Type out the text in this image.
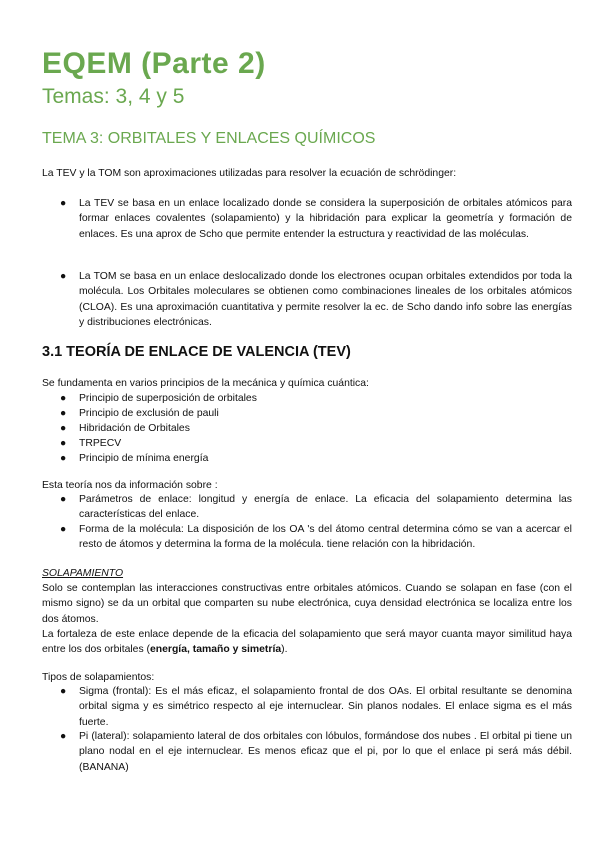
EQEM (Parte 2)
Temas: 3, 4 y 5
TEMA 3: ORBITALES Y ENLACES QUÍMICOS
La TEV y la TOM son aproximaciones utilizadas para resolver la ecuación de schrödinger:
●	La TEV se basa en un enlace localizado donde se considera la superposición de orbitales atómicos para formar enlaces covalentes (solapamiento) y la hibridación para explicar la geometría y formación de enlaces. Es una aprox de Scho que permite entender la estructura y reactividad de las moléculas.
●	La TOM se basa en un enlace deslocalizado donde los electrones ocupan orbitales extendidos por toda la molécula. Los Orbitales moleculares se obtienen como combinaciones lineales de los orbitales atómicos (CLOA). Es una aproximación cuantitativa y permite resolver la ec. de Scho dando info sobre las energías y distribuciones electrónicas.
3.1 TEORÍA DE ENLACE DE VALENCIA (TEV)
Se fundamenta en varios principios de la mecánica y química cuántica:
●	Principio de superposición de orbitales
●	Principio de exclusión de pauli
●	Hibridación de Orbitales
●	TRPECV
●	Principio de mínima energía
Esta teoría nos da información sobre :
●	Parámetros de enlace: longitud y energía de enlace. La eficacia del solapamiento determina las características del enlace.
●	Forma de la molécula: La disposición de los OA 's del átomo central determina cómo se van a acercar el resto de átomos y determina la forma de la molécula. tiene relación con la hibridación.
SOLAPAMIENTO
Solo se contemplan las interacciones constructivas entre orbitales atómicos. Cuando se solapan en fase (con el mismo signo) se da un orbital que comparten su nube electrónica, cuya densidad electrónica se localiza entre los dos átomos.
La fortaleza de este enlace depende de la eficacia del solapamiento que será mayor cuanta mayor similitud haya entre los dos orbitales (energía, tamaño y simetría).
Tipos de solapamientos:
●	Sigma (frontal): Es el más eficaz, el solapamiento frontal de dos OAs. El orbital resultante se denomina orbital sigma y es simétrico respecto al eje internuclear. Sin planos nodales. El enlace sigma es el más fuerte.
●	Pi (lateral): solapamiento lateral de dos orbitales con lóbulos, formándose dos nubes . El orbital pi tiene un plano nodal en el eje internuclear. Es menos eficaz que el pi, por lo que el enlace pi será más débil. (BANANA)
